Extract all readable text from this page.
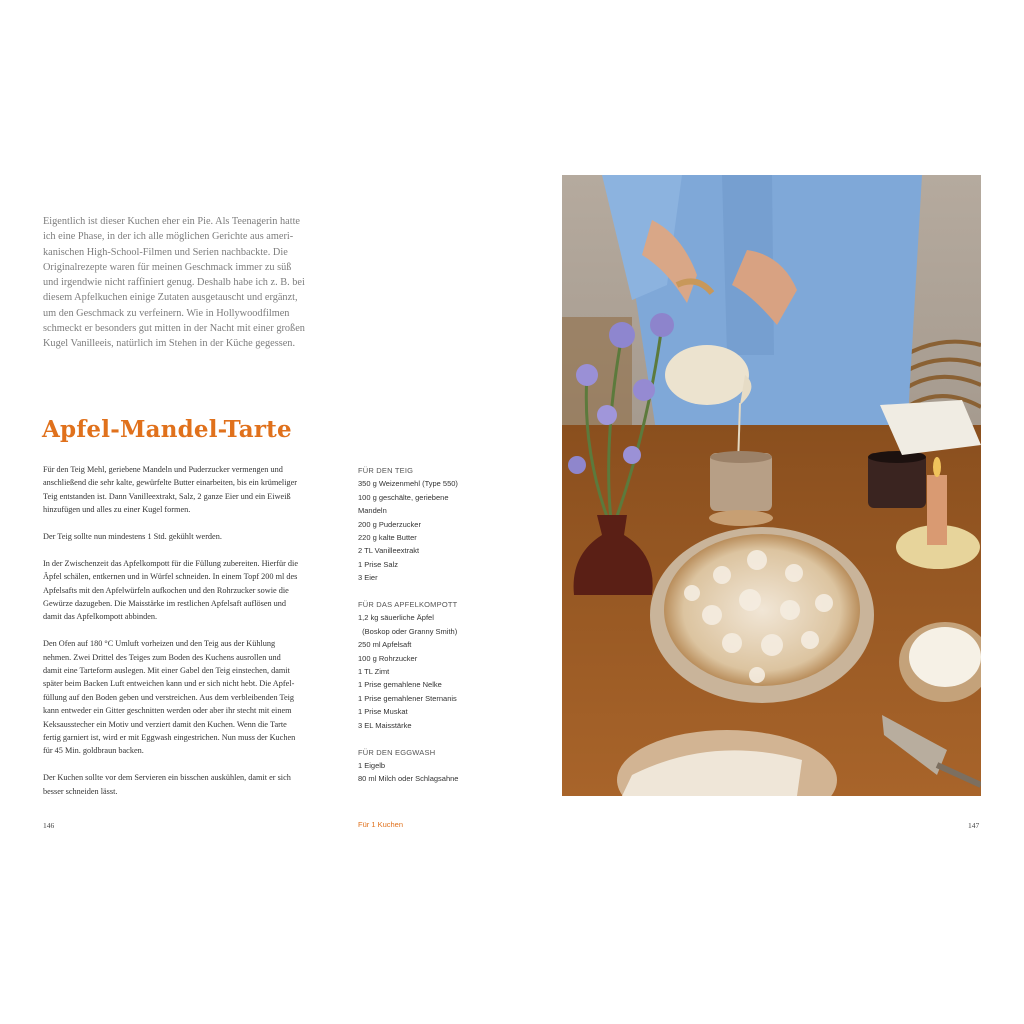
Eigentlich ist dieser Kuchen eher ein Pie. Als Teenagerin hatte
ich eine Phase, in der ich alle möglichen Gerichte aus ameri-
kanischen High-School-Filmen und Serien nachbackte. Die
Originalrezepte waren für meinen Geschmack immer zu süß
und irgendwie nicht raffiniert genug. Deshalb habe ich z. B. bei
diesem Apfelkuchen einige Zutaten ausgetauscht und ergänzt,
um den Geschmack zu verfeinern. Wie in Hollywoodfilmen
schmeckt er besonders gut mitten in der Nacht mit einer großen
Kugel Vanilleeis, natürlich im Stehen in der Küche gegessen.
Apfel-Mandel-Tarte

Für den Teig Mehl, geriebene Mandeln und Puderzucker vermengen und
anschließend die sehr kalte, gewürfelte Butter einarbeiten, bis ein krümeliger
Teig entstanden ist. Dann Vanilleextrakt, Salz, 2 ganze Eier und ein Eiweiß
hinzufügen und alles zu einer Kugel formen.

Der Teig sollte nun mindestens 1 Std. gekühlt werden.

In der Zwischenzeit das Apfelkompott für die Füllung zubereiten. Hierfür die
Äpfel schälen, entkernen und in Würfel schneiden. In einem Topf 200 ml des
Apfelsafts mit den Apfelwürfeln aufkochen und den Rohrzucker sowie die
Gewürze dazugeben. Die Maisstärke im restlichen Apfelsaft auflösen und
damit das Apfelkompott abbinden.

Den Ofen auf 180 °C Umluft vorheizen und den Teig aus der Kühlung
nehmen. Zwei Drittel des Teiges zum Boden des Kuchens ausrollen und
damit eine Tarteform auslegen. Mit einer Gabel den Teig einstechen, damit
später beim Backen Luft entweichen kann und er sich nicht hebt. Die Apfel-
füllung auf den Boden geben und verstreichen. Aus dem verbleibenden Teig
kann entweder ein Gitter geschnitten werden oder aber ihr stecht mit einem
Keksausstecher ein Motiv und verziert damit den Kuchen. Wenn die Tarte
fertig garniert ist, wird er mit Eggwash eingestrichen. Nun muss der Kuchen
für 45 Min. goldbraun backen.

Der Kuchen sollte vor dem Servieren ein bisschen auskühlen, damit er sich
besser schneiden lässt.

FÜR DEN TEIG
350 g Weizenmehl (Type 550)
100 g geschälte, geriebene
Mandeln
200 g Puderzucker
220 g kalte Butter
2 TL Vanilleextrakt
1 Prise Salz
3 Eier
FÜR DAS APFELKOMPOTT
1,2 kg säuerliche Äpfel
(Boskop oder Granny Smith)
250 ml Apfelsaft
100 g Rohrzucker
1 TL Zimt
1 Prise gemahlene Nelke
1 Prise gemahlener Sternanis
1 Prise Muskat
3 EL Maisstärke
FÜR DEN EGGWASH
1 Eigelb
80 ml Milch oder Schlagsahne
146	Für 1 Kuchen	147
